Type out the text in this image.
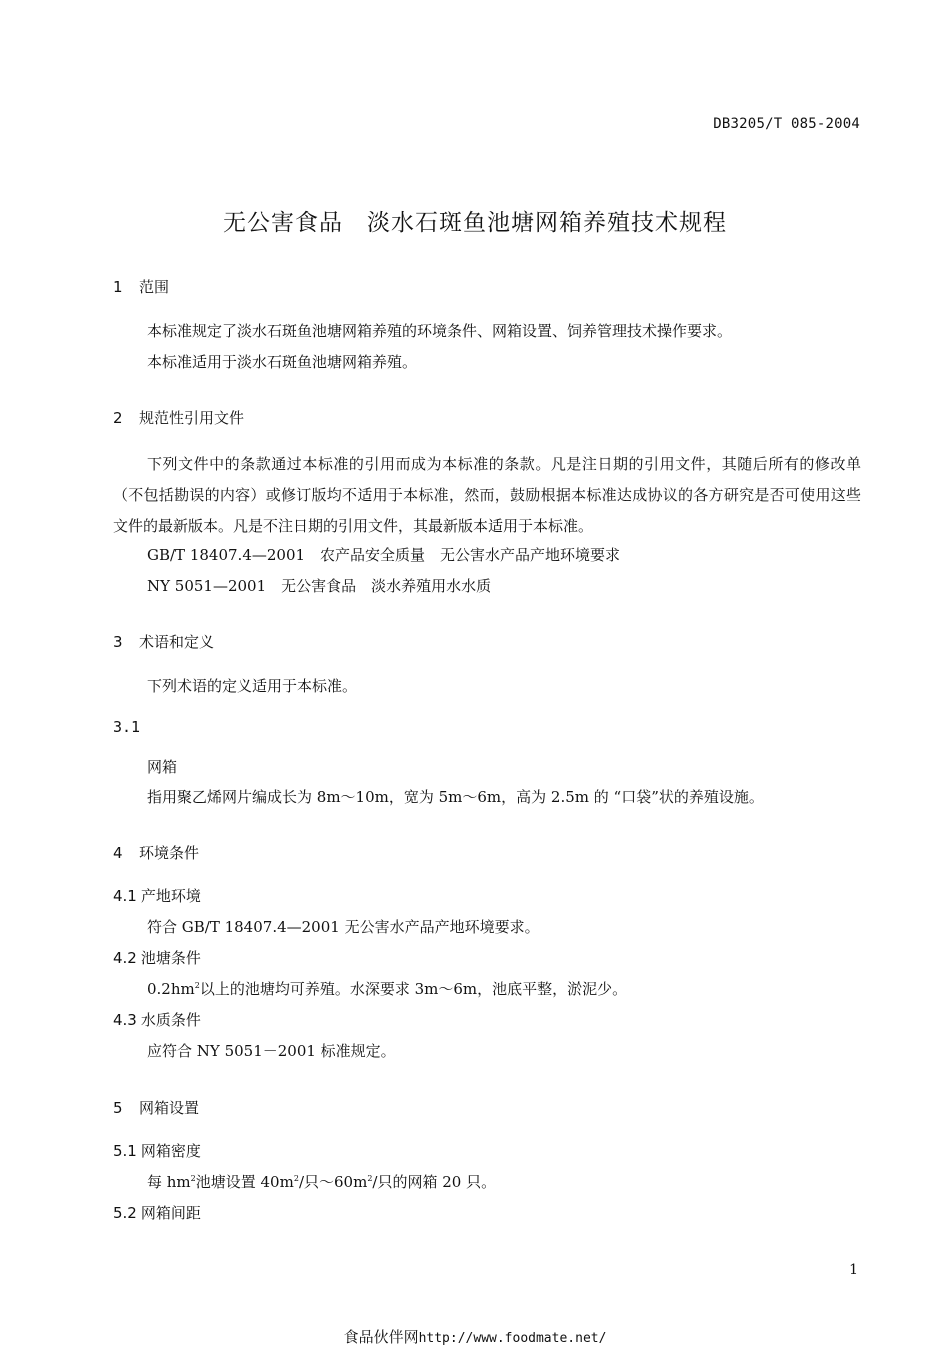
DB3205/T 085-2004
无公害食品　淡水石斑鱼池塘网箱养殖技术规程
1 范围
本标准规定了淡水石斑鱼池塘网箱养殖的环境条件、网箱设置、饲养管理技术操作要求。
本标准适用于淡水石斑鱼池塘网箱养殖。
2 规范性引用文件
下列文件中的条款通过本标准的引用而成为本标准的条款。凡是注日期的引用文件，其随后所有的修改单（不包括勘误的内容）或修订版均不适用于本标准，然而，鼓励根据本标准达成协议的各方研究是否可使用这些文件的最新版本。凡是不注日期的引用文件，其最新版本适用于本标准。
GB/T 18407.4—2001　农产品安全质量　无公害水产品产地环境要求
NY 5051—2001　无公害食品　淡水养殖用水水质
3 术语和定义
下列术语的定义适用于本标准。
3.1
网箱
指用聚乙烯网片编成长为 8m～10m，宽为 5m～6m，高为 2.5m 的 “口袋”状的养殖设施。
4 环境条件
4.1 产地环境
符合 GB/T 18407.4—2001 无公害水产品产地环境要求。
4.2 池塘条件
$0.2hm^2$以上的池塘均可养殖。水深要求 3m～6m，池底平整，淤泥少。
4.3 水质条件
应符合 NY 5051－2001 标准规定。
5 网箱设置
5.1 网箱密度
每 $hm^2$池塘设置 $40m^2/$只$\sim 60m^2/$只的网箱 20 只。
5.2 网箱间距
1
食品伙伴网http://www.foodmate.net/
